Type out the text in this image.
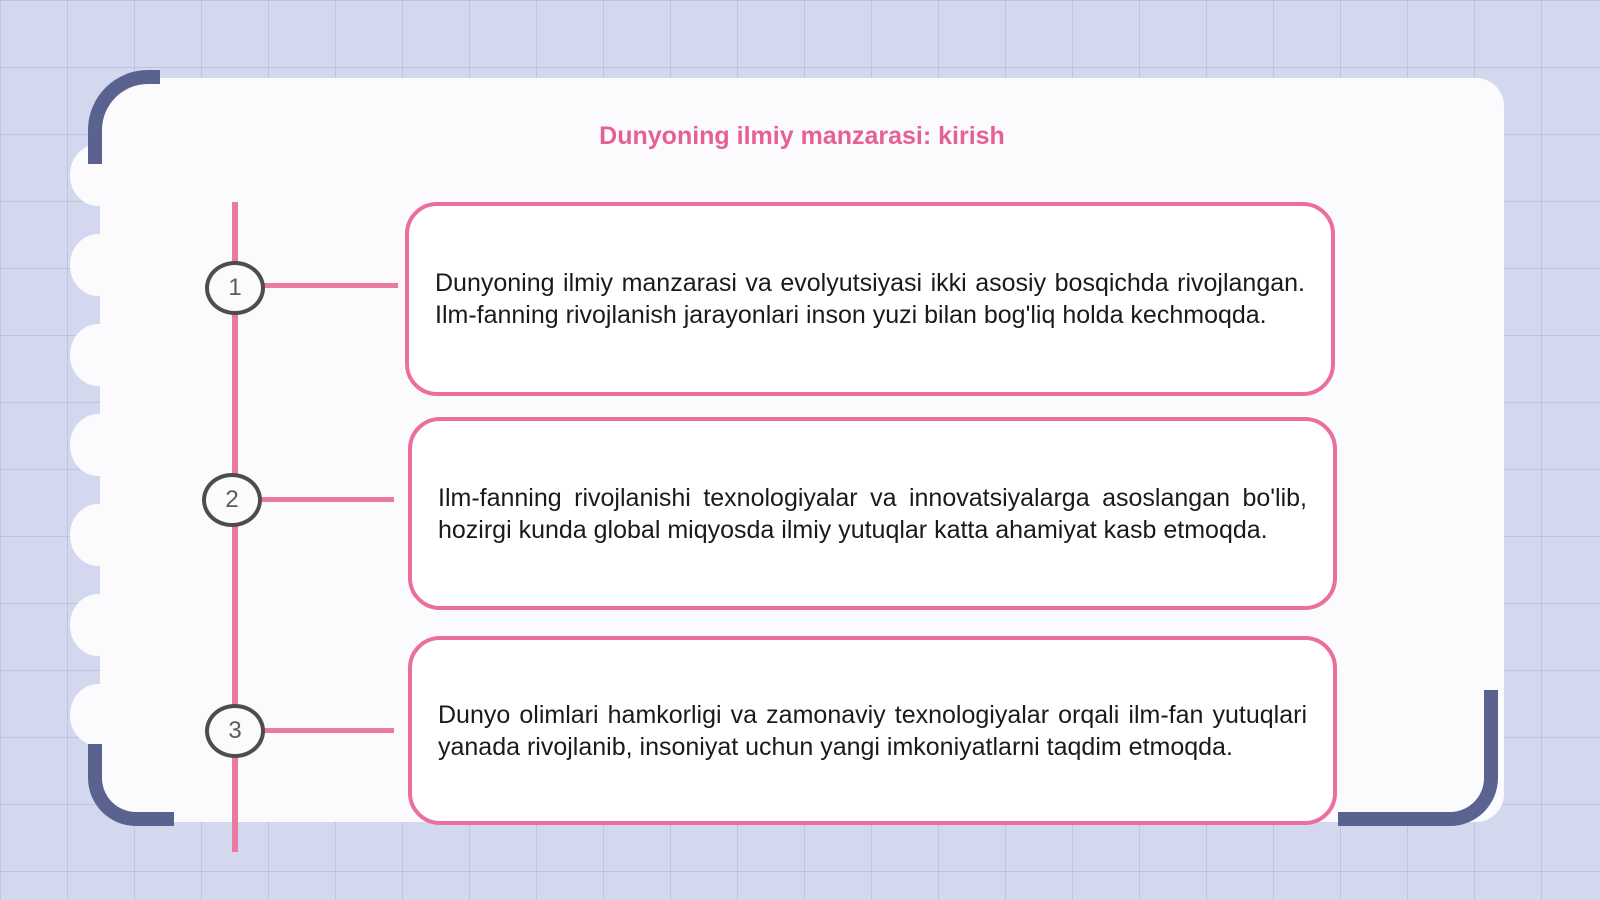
Dunyoning ilmiy manzarasi: kirish
1	Dunyoning ilmiy manzarasi va evolyutsiyasi ikki asosiy bosqichda rivojlangan. Ilm-fanning rivojlanish jarayonlari inson yuzi bilan bog'liq holda kechmoqda.
2	Ilm-fanning rivojlanishi texnologiyalar va innovatsiyalarga asoslangan bo'lib, hozirgi kunda global miqyosda ilmiy yutuqlar katta ahamiyat kasb etmoqda.
3
Dunyo olimlari hamkorligi va zamonaviy texnologiyalar orqali ilm-fan yutuqlari yanada rivojlanib, insoniyat uchun yangi imkoniyatlarni taqdim etmoqda.
